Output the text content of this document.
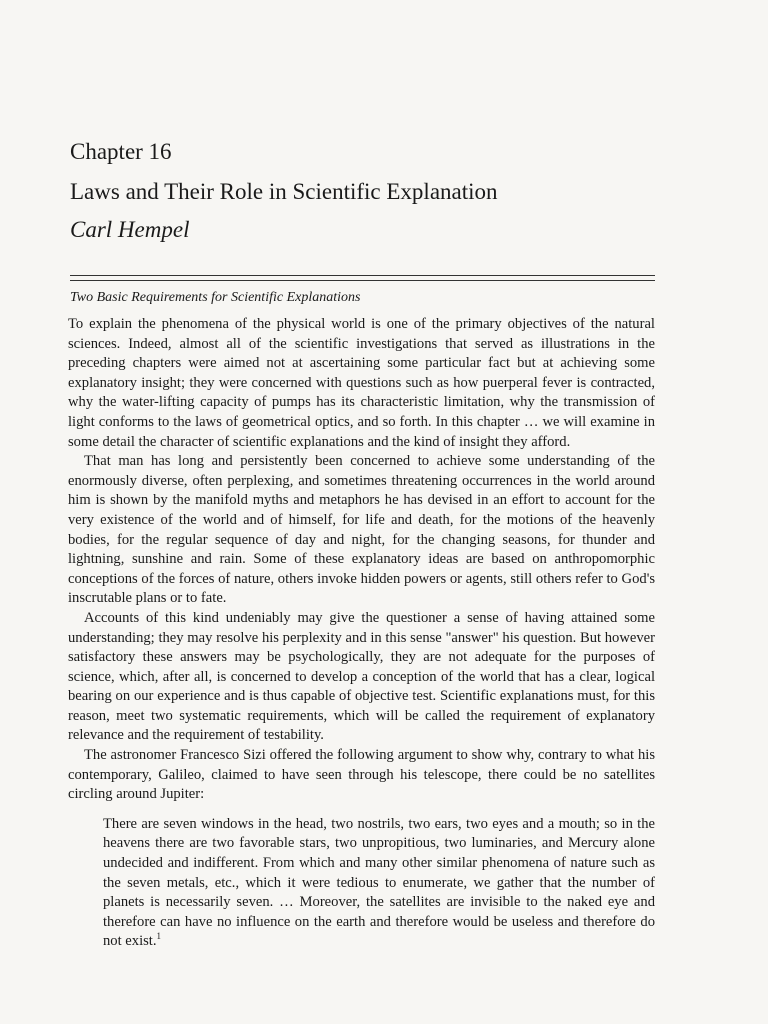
Chapter 16
Laws and Their Role in Scientific Explanation
Carl Hempel
Two Basic Requirements for Scientific Explanations

To explain the phenomena of the physical world is one of the primary objectives of the natural sciences. Indeed, almost all of the scientific investigations that served as illustrations in the preceding chapters were aimed not at ascertaining some particular fact but at achieving some explanatory insight; they were concerned with questions such as how puerperal fever is contracted, why the water-lifting capacity of pumps has its characteristic limitation, why the transmission of light conforms to the laws of geometrical optics, and so forth. In this chapter … we will examine in some detail the character of scientific explanations and the kind of insight they afford.

That man has long and persistently been concerned to achieve some understanding of the enormously diverse, often perplexing, and sometimes threatening occurrences in the world around him is shown by the manifold myths and metaphors he has devised in an effort to account for the very existence of the world and of himself, for life and death, for the motions of the heavenly bodies, for the regular sequence of day and night, for the changing seasons, for thunder and lightning, sunshine and rain. Some of these explanatory ideas are based on anthropomorphic conceptions of the forces of nature, others invoke hidden powers or agents, still others refer to God's inscrutable plans or to fate.

Accounts of this kind undeniably may give the questioner a sense of having attained some understanding; they may resolve his perplexity and in this sense "answer" his question. But however satisfactory these answers may be psychologically, they are not adequate for the purposes of science, which, after all, is concerned to develop a conception of the world that has a clear, logical bearing on our experience and is thus capable of objective test. Scientific explanations must, for this reason, meet two systematic requirements, which will be called the requirement of explanatory relevance and the requirement of testability.

The astronomer Francesco Sizi offered the following argument to show why, contrary to what his contemporary, Galileo, claimed to have seen through his telescope, there could be no satellites circling around Jupiter:

There are seven windows in the head, two nostrils, two ears, two eyes and a mouth; so in the heavens there are two favorable stars, two unpropitious, two luminaries, and Mercury alone undecided and indifferent. From which and many other similar phenomena of nature such as the seven metals, etc., which it were tedious to enumerate, we gather that the number of planets is necessarily seven. … Moreover, the satellites are invisible to the naked eye and therefore can have no influence on the earth and therefore would be useless and therefore do not exist.$^1$
